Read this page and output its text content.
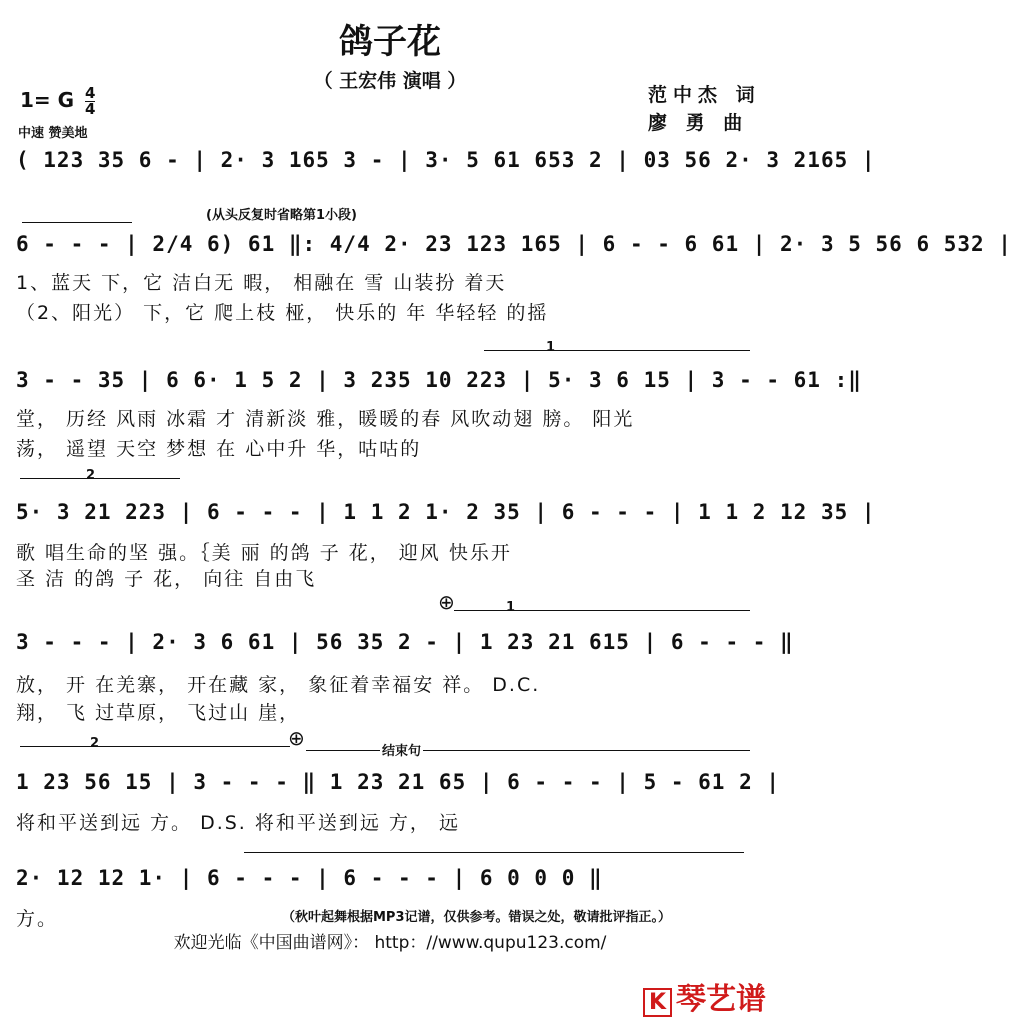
鸽子花
（ 王宏伟 演唱 ）
范中杰 词
廖 勇 曲
1= G $\frac{4}{4}$
中速 赞美地
( 123 35 6 - | 2· 3 165 3 - | 3· 5 61 653 2 | 03 56 2· 3 2165 |
(从头反复时省略第1小段)
6 - - - | 2/4 6) 61 ‖: 4/4 2· 23 123 165 | 6 - - 6 61 | 2· 3 5 56 6 532 |
1、蓝天 下，它 洁白无 暇， 相融在 雪 山装扮 着天
（2、阳光） 下，它 爬上枝 桠， 快乐的 年 华轻轻 的摇
1
3 - - 35 | 6 6· 1 5 2 | 3 235 10 223 | 5· 3 6 15 | 3 - - 61 :‖
堂， 历经 风雨 冰霜 才 清新淡 雅，暖暖的春 风吹动翅 膀。 阳光
荡， 遥望 天空 梦想 在 心中升 华，咕咕的
2
5· 3 21 223 | 6 - - - | 1 1 2 1· 2 35 | 6 - - - | 1 1 2 12 35 |
歌 唱生命的坚 强。｛美 丽 的鸽 子 花， 迎风 快乐开
圣 洁 的鸽 子 花， 向往 自由飞
⊕	1
3 - - - | 2· 3 6 61 | 56 35 2 - | 1 23 21 615 | 6 - - - ‖
放， 开 在羌寨， 开在藏 家， 象征着幸福安 祥。 D.C.
翔， 飞 过草原， 飞过山 崖，
2	⊕
结束句
1 23 56 15 | 3 - - - ‖ 1 23 21 65 | 6 - - - | 5 - 61 2 |
将和平送到远 方。 D.S. 将和平送到远 方， 远
2· 12 12 1· | 6 - - - | 6 - - - | 6 0 0 0 ‖
方。	（秋叶起舞根据MP3记谱，仅供参考。错误之处，敬请批评指正。）
欢迎光临《中国曲谱网》： http：//www.qupu123.com/
K 琴艺谱
